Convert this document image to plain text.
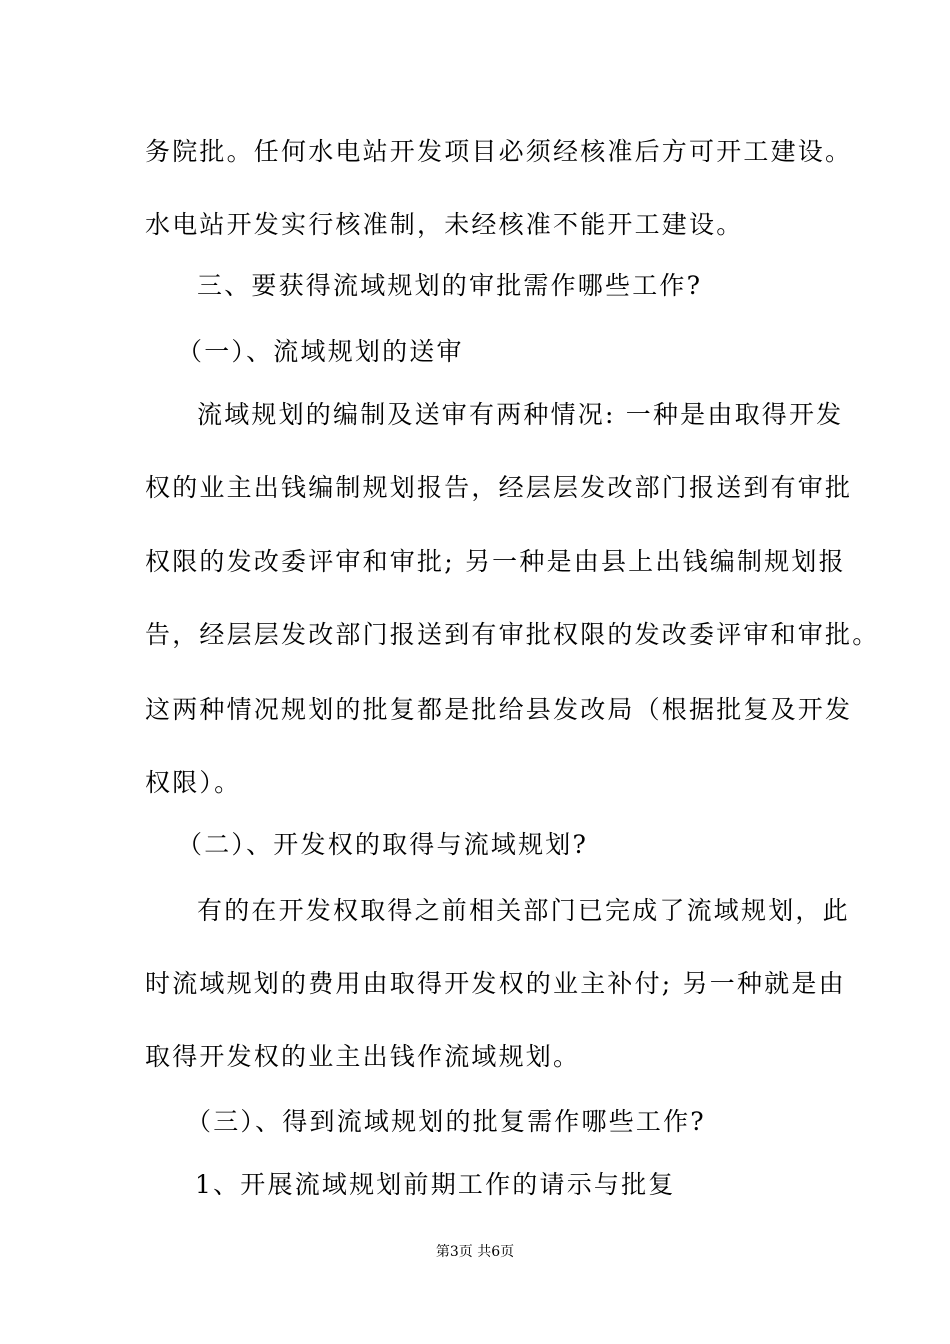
务院批。任何水电站开发项目必须经核准后方可开工建设。
水电站开发实行核准制，未经核准不能开工建设。
三、要获得流域规划的审批需作哪些工作?
（一）、流域规划的送审
流域规划的编制及送审有两种情况: 一种是由取得开发
权的业主出钱编制规划报告，经层层发改部门报送到有审批
权限的发改委评审和审批; 另一种是由县上出钱编制规划报
告，经层层发改部门报送到有审批权限的发改委评审和审批。
这两种情况规划的批复都是批给县发改局（根据批复及开发
权限）。
（二）、开发权的取得与流域规划?
有的在开发权取得之前相关部门已完成了流域规划，此
时流域规划的费用由取得开发权的业主补付; 另一种就是由
取得开发权的业主出钱作流域规划。
（三）、得到流域规划的批复需作哪些工作?
1、开展流域规划前期工作的请示与批复
第3页 共6页
